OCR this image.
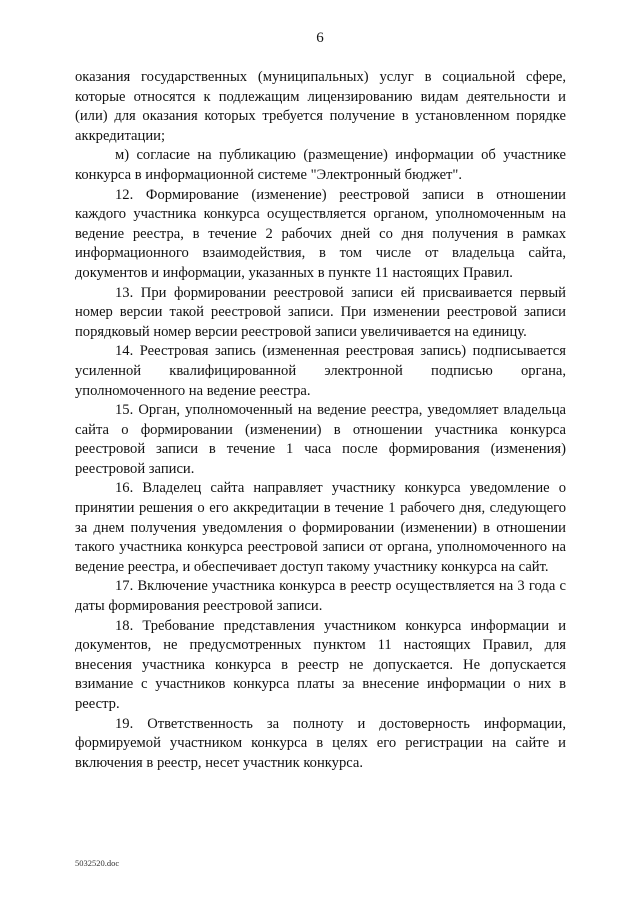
6

оказания государственных (муниципальных) услуг в социальной сфере, которые относятся к подлежащим лицензированию видам деятельности и (или) для оказания которых требуется получение в установленном порядке аккредитации;

м) согласие на публикацию (размещение) информации об участнике конкурса в информационной системе "Электронный бюджет".

12. Формирование (изменение) реестровой записи в отношении каждого участника конкурса осуществляется органом, уполномоченным на ведение реестра, в течение 2 рабочих дней со дня получения в рамках информационного взаимодействия, в том числе от владельца сайта, документов и информации, указанных в пункте 11 настоящих Правил.

13. При формировании реестровой записи ей присваивается первый номер версии такой реестровой записи. При изменении реестровой записи порядковый номер версии реестровой записи увеличивается на единицу.

14. Реестровая запись (измененная реестровая запись) подписывается усиленной квалифицированной электронной подписью органа, уполномоченного на ведение реестра.

15. Орган, уполномоченный на ведение реестра, уведомляет владельца сайта о формировании (изменении) в отношении участника конкурса реестровой записи в течение 1 часа после формирования (изменения) реестровой записи.

16. Владелец сайта направляет участнику конкурса уведомление о принятии решения о его аккредитации в течение 1 рабочего дня, следующего за днем получения уведомления о формировании (изменении) в отношении такого участника конкурса реестровой записи от органа, уполномоченного на ведение реестра, и обеспечивает доступ такому участнику конкурса на сайт.

17. Включение участника конкурса в реестр осуществляется на 3 года с даты формирования реестровой записи.

18. Требование представления участником конкурса информации и документов, не предусмотренных пунктом 11 настоящих Правил, для внесения участника конкурса в реестр не допускается. Не допускается взимание с участников конкурса платы за внесение информации о них в реестр.

19. Ответственность за полноту и достоверность информации, формируемой участником конкурса в целях его регистрации на сайте и включения в реестр, несет участник конкурса.

5032520.doc
